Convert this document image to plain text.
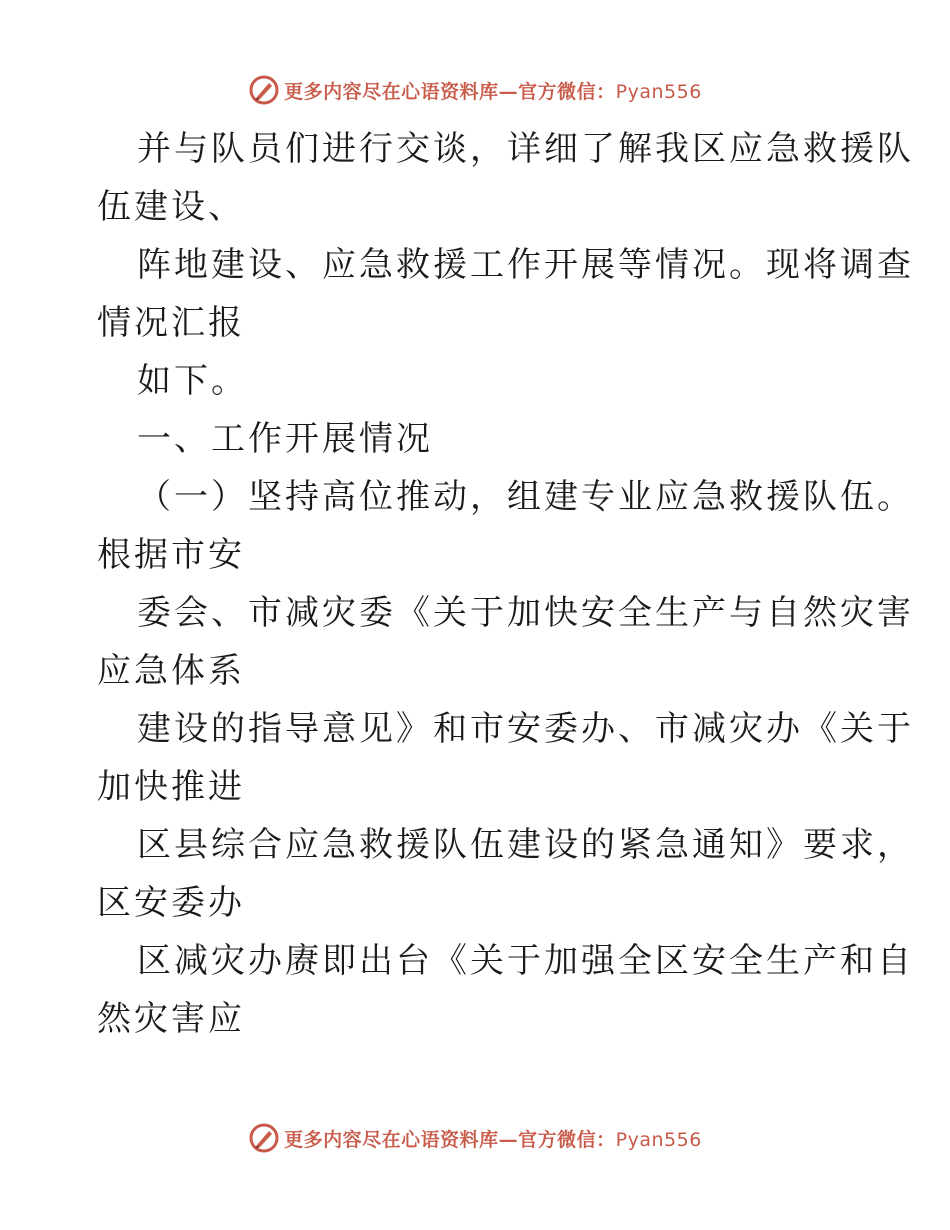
更多内容尽在心语资料库—官方微信：Pyan556
并与队员们进行交谈，详细了解我区应急救援队
伍建设、
阵地建设、应急救援工作开展等情况。现将调查
情况汇报
如下。
一、工作开展情况
（一）坚持高位推动，组建专业应急救援队伍。
根据市安
委会、市减灾委《关于加快安全生产与自然灾害
应急体系
建设的指导意见》和市安委办、市减灾办《关于
加快推进
区县综合应急救援队伍建设的紧急通知》要求，
区安委办
区减灾办赓即出台《关于加强全区安全生产和自
然灾害应
更多内容尽在心语资料库—官方微信：Pyan556
